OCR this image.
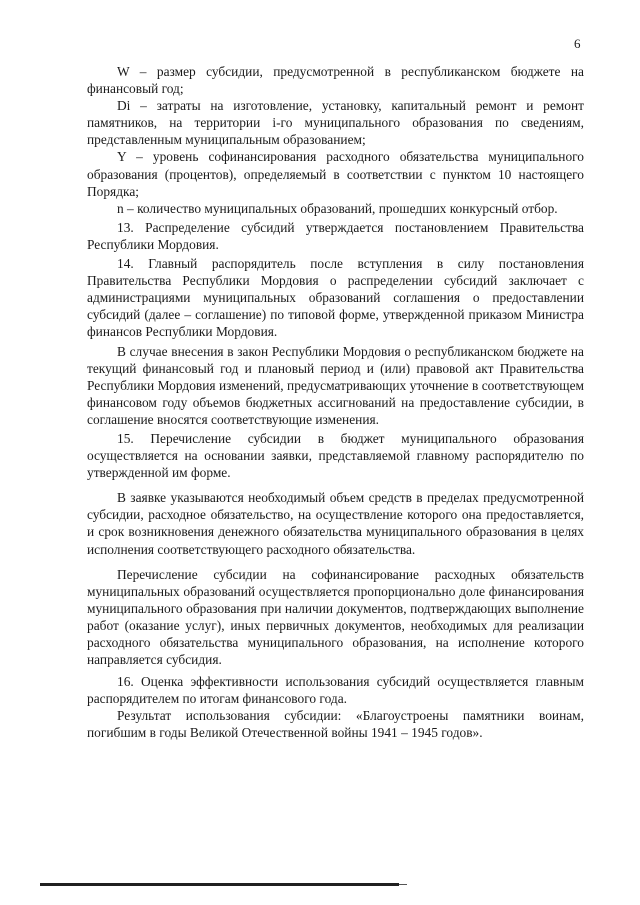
6

W – размер субсидии, предусмотренной в республиканском бюджете на финансовый год;

Di – затраты на изготовление, установку, капитальный ремонт и ремонт памятников, на территории i-го муниципального образования по сведениям, представленным муниципальным образованием;

Y – уровень софинансирования расходного обязательства муниципального образования (процентов), определяемый в соответствии с пунктом 10 настоящего Порядка;

n – количество муниципальных образований, прошедших конкурсный отбор.

13. Распределение субсидий утверждается постановлением Правительства Республики Мордовия.

14. Главный распорядитель после вступления в силу постановления Правительства Республики Мордовия о распределении субсидий заключает с администрациями муниципальных образований соглашения о предоставлении субсидий (далее – соглашение) по типовой форме, утвержденной приказом Министра финансов Республики Мордовия.

В случае внесения в закон Республики Мордовия о республиканском бюджете на текущий финансовый год и плановый период и (или) правовой акт Правительства Республики Мордовия изменений, предусматривающих уточнение в соответствующем финансовом году объемов бюджетных ассигнований на предоставление субсидии, в соглашение вносятся соответствующие изменения.

15. Перечисление субсидии в бюджет муниципального образования осуществляется на основании заявки, представляемой главному распорядителю по утвержденной им форме.

В заявке указываются необходимый объем средств в пределах предусмотренной субсидии, расходное обязательство, на осуществление которого она предоставляется, и срок возникновения денежного обязательства муниципального образования в целях исполнения соответствующего расходного обязательства.

Перечисление субсидии на софинансирование расходных обязательств муниципальных образований осуществляется пропорционально доле финансирования муниципального образования при наличии документов, подтверждающих выполнение работ (оказание услуг), иных первичных документов, необходимых для реализации расходного обязательства муниципального образования, на исполнение которого направляется субсидия.

16. Оценка эффективности использования субсидий осуществляется главным распорядителем по итогам финансового года.

Результат использования субсидии: «Благоустроены памятники воинам, погибшим в годы Великой Отечественной войны 1941 – 1945 годов».
